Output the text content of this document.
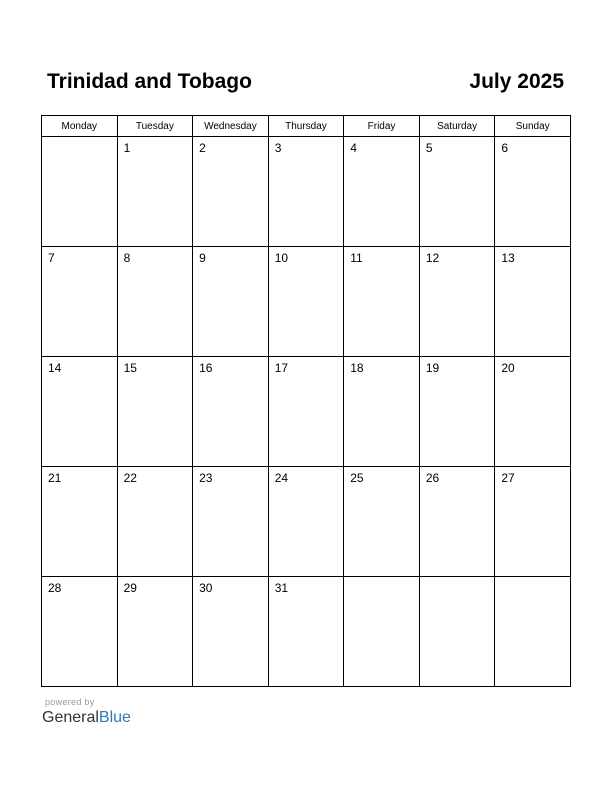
Trinidad and Tobago	July 2025
Monday	Tuesday	Wednesday	Thursday	Friday	Saturday	Sunday

	1	2	3	4	5	6

7	8	9	10	11	12	13

14	15	16	17	18	19	20

21	22	23	24	25	26	27

28	29	30	31			

powered by
GeneralBlue
